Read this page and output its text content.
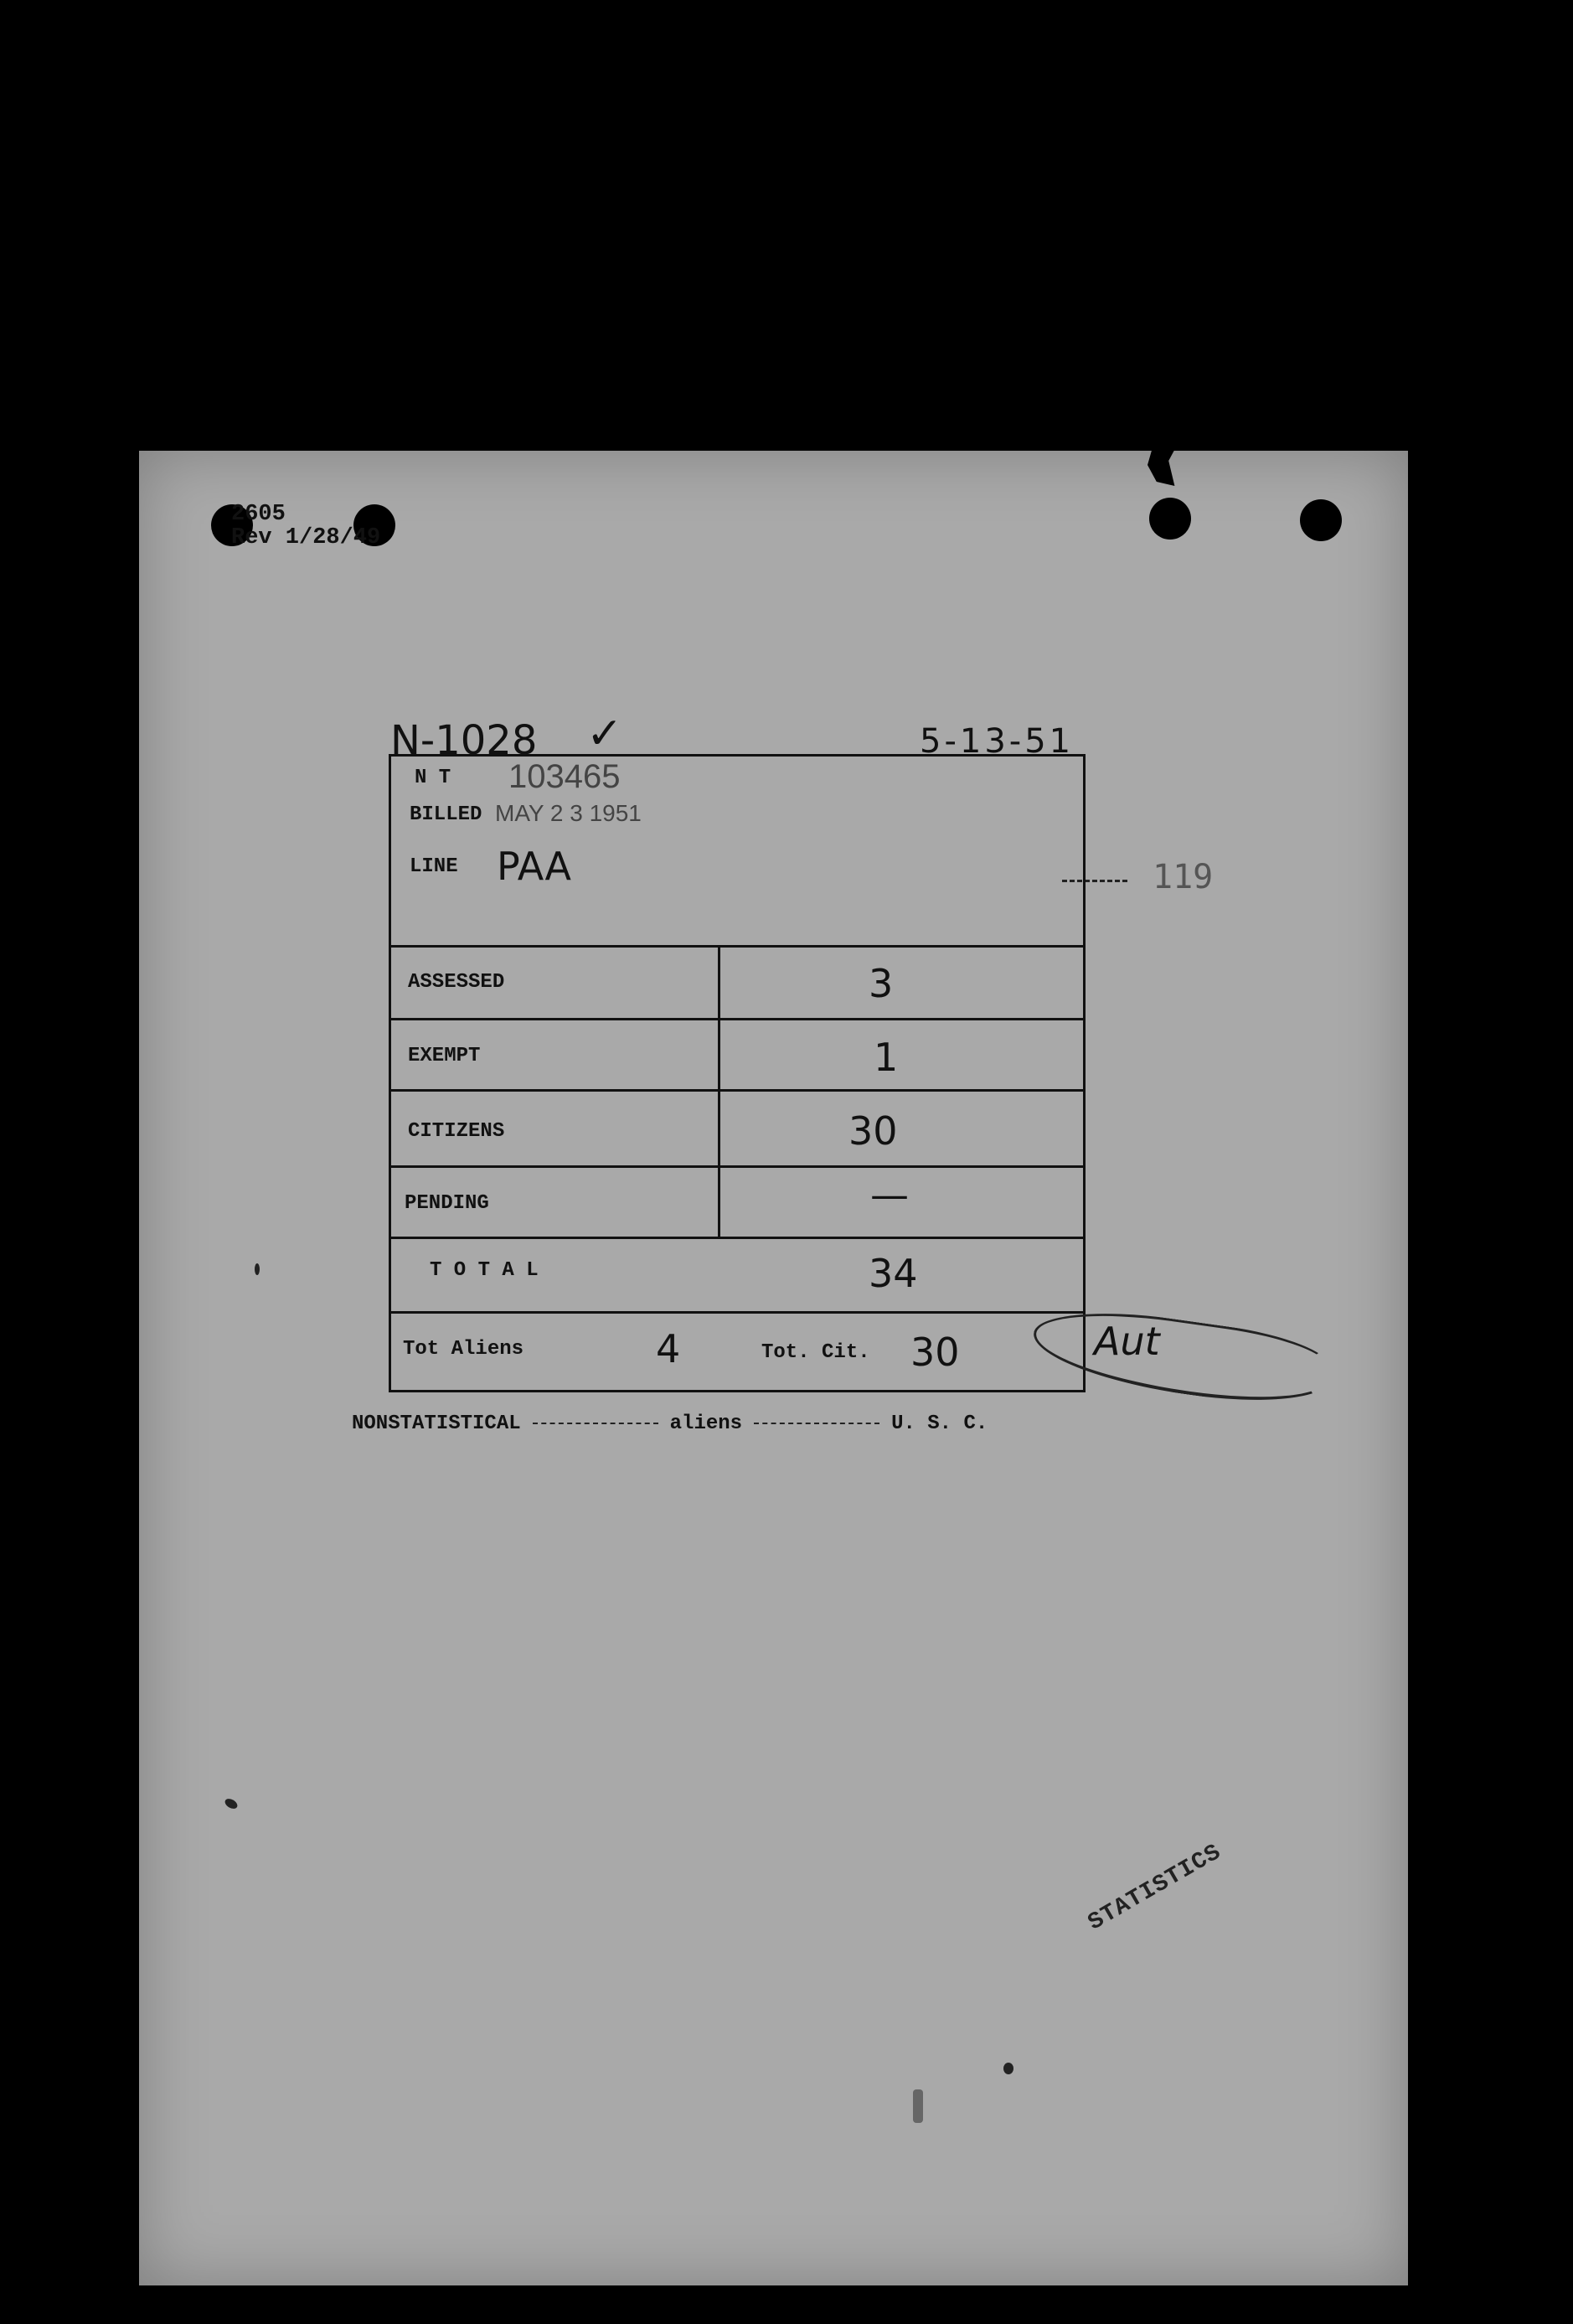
2605
Rev 1/28/49
N-1028 ✓	5-13-51
119
N T 103465
BILLED MAY 2 3 1951
LINE PAA
ASSESSED	3
EXEMPT	1
CITIZENS	30
PENDING	—
T O T A L	34
Tot Aliens	4	Tot. Cit. 30	Aut
NONSTATISTICAL	aliens	U. S. C.
STATISTICS
